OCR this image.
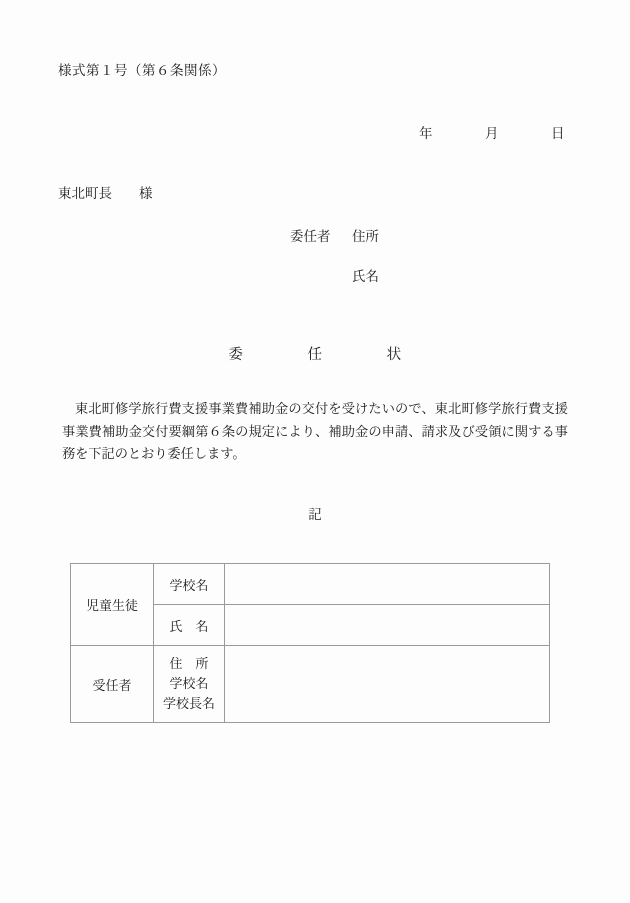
様式第１号（第６条関係）
年	月	日
東北町長　　様
委任者	住所
氏名
委	任	状
東北町修学旅行費支援事業費補助金の交付を受けたいので、東北町修学旅行費支援事業費補助金交付要綱第６条の規定により、補助金の申請、請求及び受領に関する事務を下記のとおり委任します。
記
児童生徒	学校名	
	氏　名	
受任者	住　所
学校名
学校長名	
